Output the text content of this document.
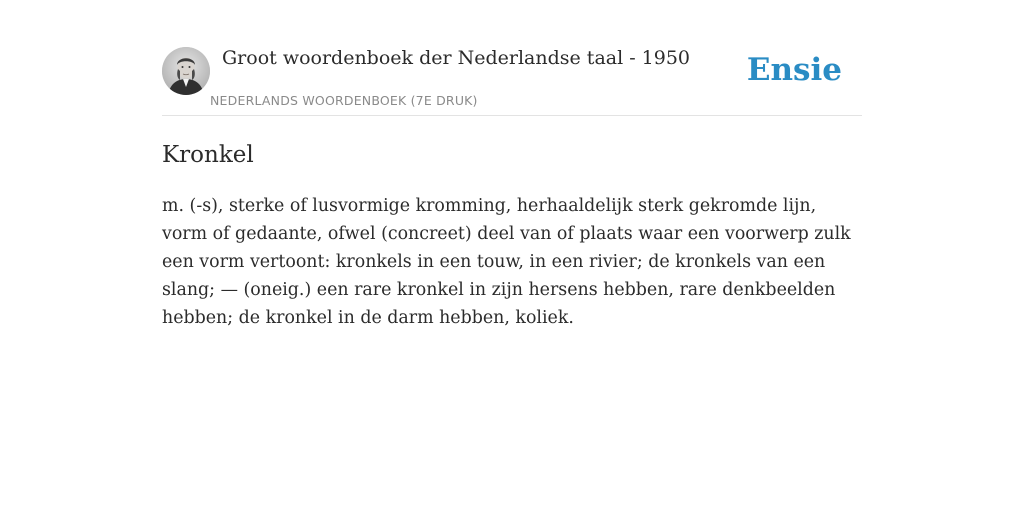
Groot woordenboek der Nederlandse taal - 1950
NEDERLANDS WOORDENBOEK (7E DRUK)
Ensie
Kronkel

m. (-s), sterke of lusvormige kromming, herhaaldelijk sterk gekromde lijn, vorm of gedaante, ofwel (concreet) deel van of plaats waar een voorwerp zulk een vorm vertoont: kronkels in een touw, in een rivier; de kronkels van een slang; — (oneig.) een rare kronkel in zijn hersens hebben, rare denkbeelden hebben; de kronkel in de darm hebben, koliek.
